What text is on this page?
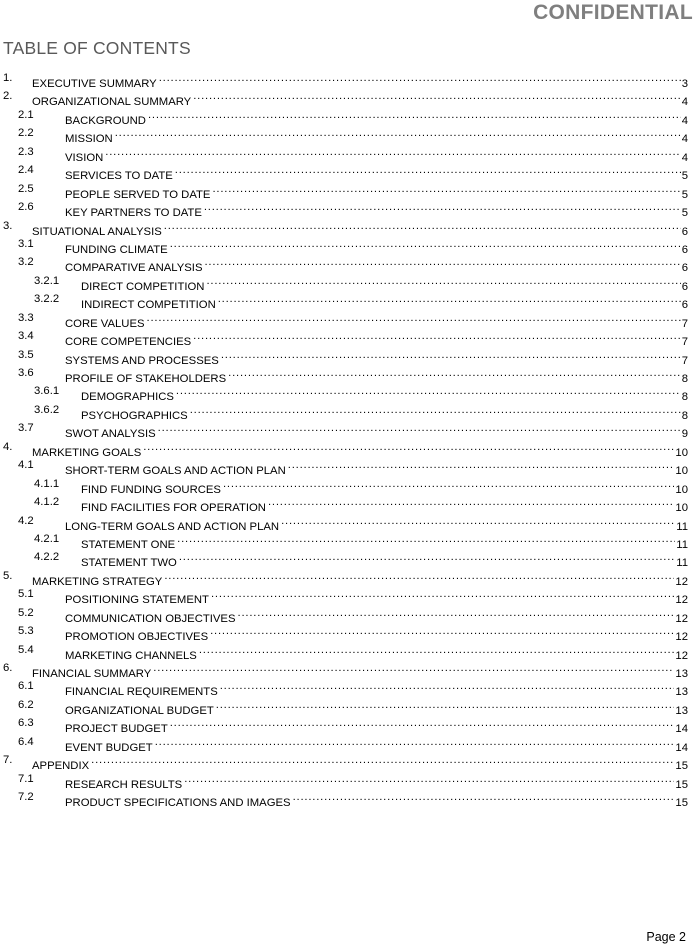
CONFIDENTIAL
TABLE OF CONTENTS
1. EXECUTIVE SUMMARY .....	3
2. ORGANIZATIONAL SUMMARY .....	4
2.1	BACKGROUND .....	4
2.2	MISSION .....	4
2.3	VISION .....	4
2.4	SERVICES TO DATE .....	5
2.5	PEOPLE SERVED TO DATE .....	5
2.6	KEY PARTNERS TO DATE .....	5
3. SITUATIONAL ANALYSIS .....	6
3.1	FUNDING CLIMATE .....	6
3.2	COMPARATIVE ANALYSIS .....	6
3.2.1 DIRECT COMPETITION .....	6
3.2.2 INDIRECT COMPETITION .....	6
3.3	CORE VALUES .....	7
3.4	CORE COMPETENCIES .....	7
3.5	SYSTEMS AND PROCESSES .....	7
3.6	PROFILE OF STAKEHOLDERS .....	8
3.6.1 DEMOGRAPHICS .....	8
3.6.2 PSYCHOGRAPHICS .....	8
3.7	SWOT ANALYSIS .....	9
4. MARKETING GOALS .....	10
4.1	SHORT-TERM GOALS AND ACTION PLAN .....	10
4.1.1 FIND FUNDING SOURCES .....	10
4.1.2 FIND FACILITIES FOR OPERATION .....	10
4.2	LONG-TERM GOALS AND ACTION PLAN .....	11
4.2.1 STATEMENT ONE .....	11
4.2.2 STATEMENT TWO .....	11
5. MARKETING STRATEGY .....	12
5.1	POSITIONING STATEMENT .....	12
5.2	COMMUNICATION OBJECTIVES .....	12
5.3	PROMOTION OBJECTIVES .....	12
5.4	MARKETING CHANNELS .....	12
6. FINANCIAL SUMMARY .....	13
6.1	FINANCIAL REQUIREMENTS .....	13
6.2	ORGANIZATIONAL BUDGET .....	13
6.3	PROJECT BUDGET .....	14
6.4	EVENT BUDGET .....	14
7. APPENDIX .....	15
7.1	RESEARCH RESULTS .....	15
7.2	PRODUCT SPECIFICATIONS AND IMAGES .....	15
Page 2
